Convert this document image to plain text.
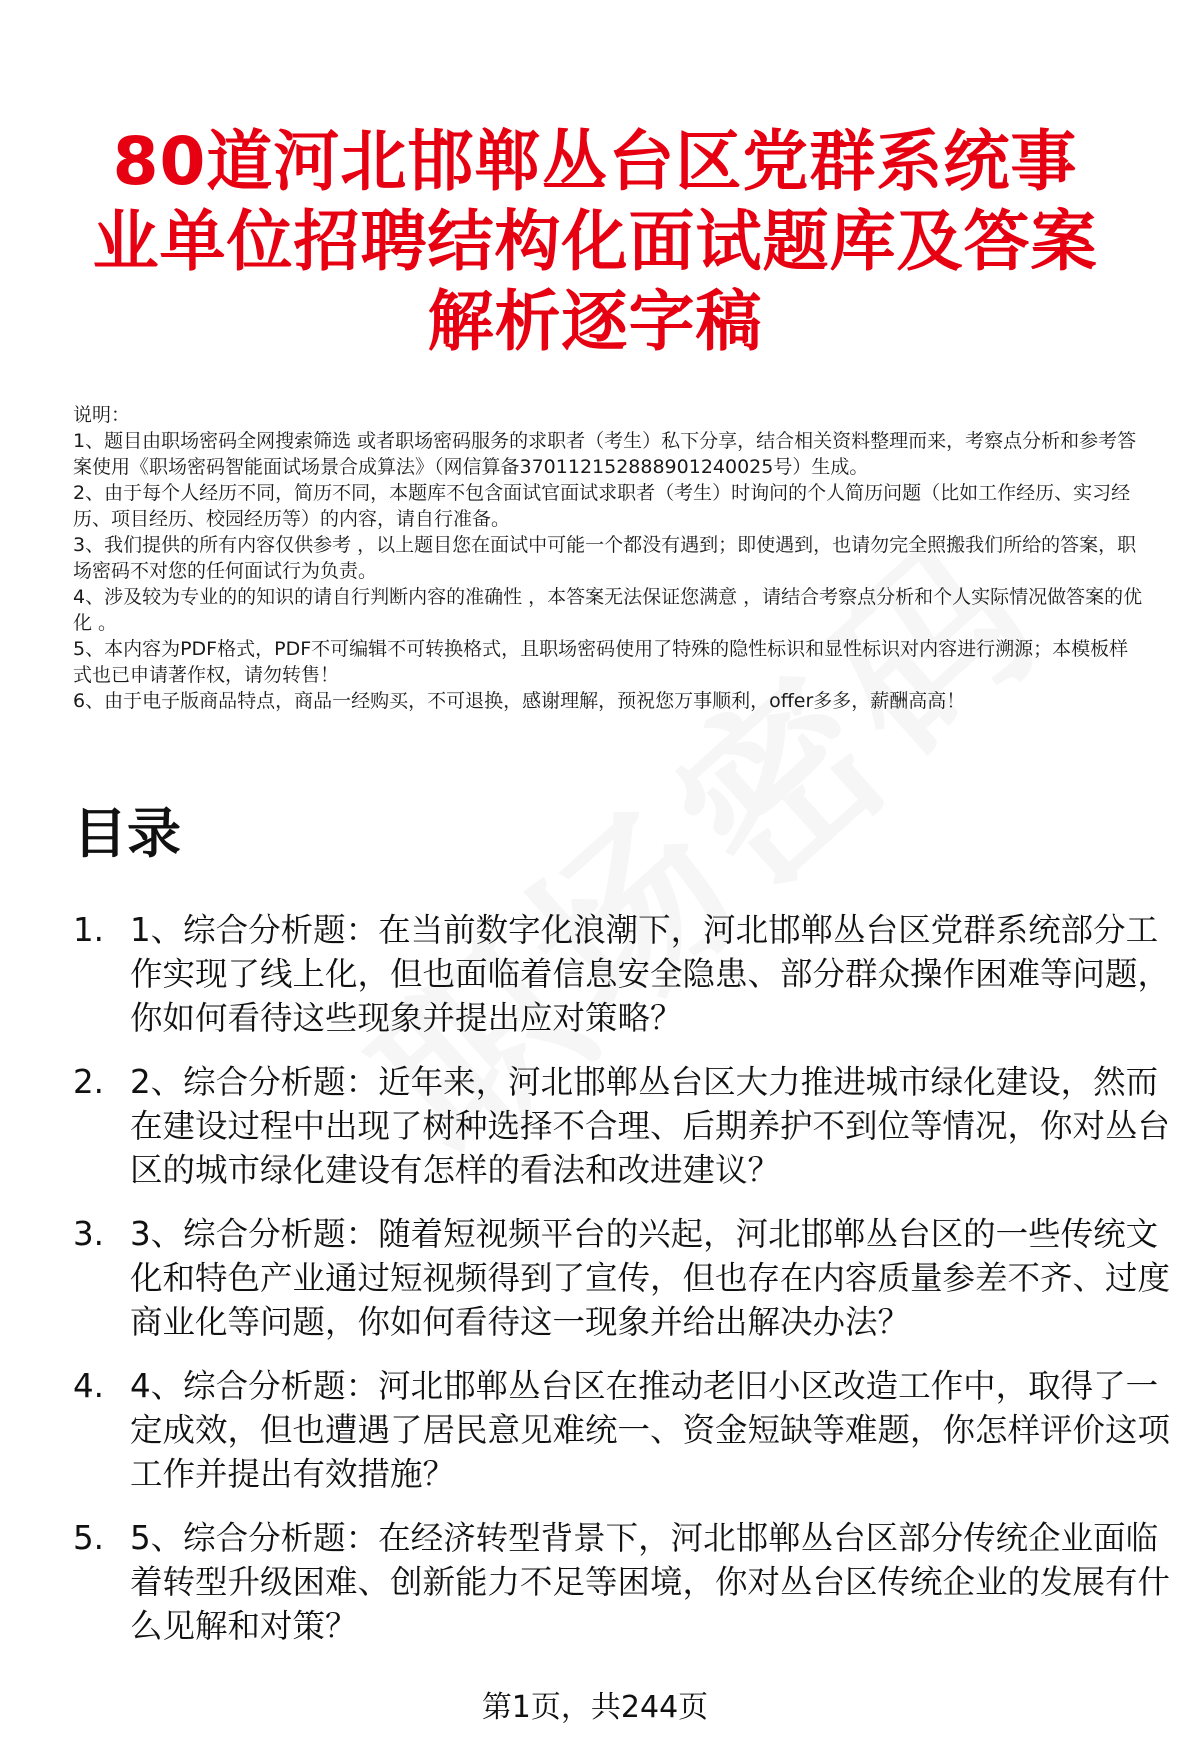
80道河北邯郸丛台区党群系统事业单位招聘结构化面试题库及答案解析逐字稿
说明：
1、题目由职场密码全网搜索筛选 或者职场密码服务的求职者（考生）私下分享，结合相关资料整理而来，考察点分析和参考答案使用《职场密码智能面试场景合成算法》（网信算备370112152888901240025号）生成。
2、由于每个人经历不同，简历不同，本题库不包含面试官面试求职者（考生）时询问的个人简历问题（比如工作经历、实习经历、项目经历、校园经历等）的内容，请自行准备。
3、我们提供的所有内容仅供参考 ，以上题目您在面试中可能一个都没有遇到；即使遇到，也请勿完全照搬我们所给的答案，职场密码不对您的任何面试行为负责。
4、涉及较为专业的的知识的请自行判断内容的准确性 ，本答案无法保证您满意 ，请结合考察点分析和个人实际情况做答案的优化 。
5、本内容为PDF格式，PDF不可编辑不可转换格式，且职场密码使用了特殊的隐性标识和显性标识对内容进行溯源；本模板样式也已申请著作权，请勿转售！
6、由于电子版商品特点，商品一经购买，不可退换，感谢理解，预祝您万事顺利，offer多多，薪酬高高！
目录
1. 1、综合分析题：在当前数字化浪潮下，河北邯郸丛台区党群系统部分工作实现了线上化，但也面临着信息安全隐患、部分群众操作困难等问题，你如何看待这些现象并提出应对策略？
2. 2、综合分析题：近年来，河北邯郸丛台区大力推进城市绿化建设，然而在建设过程中出现了树种选择不合理、后期养护不到位等情况，你对丛台区的城市绿化建设有怎样的看法和改进建议？
3. 3、综合分析题：随着短视频平台的兴起，河北邯郸丛台区的一些传统文化和特色产业通过短视频得到了宣传，但也存在内容质量参差不齐、过度商业化等问题，你如何看待这一现象并给出解决办法？
4. 4、综合分析题：河北邯郸丛台区在推动老旧小区改造工作中，取得了一定成效，但也遭遇了居民意见难统一、资金短缺等难题，你怎样评价这项工作并提出有效措施？
5. 5、综合分析题：在经济转型背景下，河北邯郸丛台区部分传统企业面临着转型升级困难、创新能力不足等困境，你对丛台区传统企业的发展有什么见解和对策？
第1页，共244页
